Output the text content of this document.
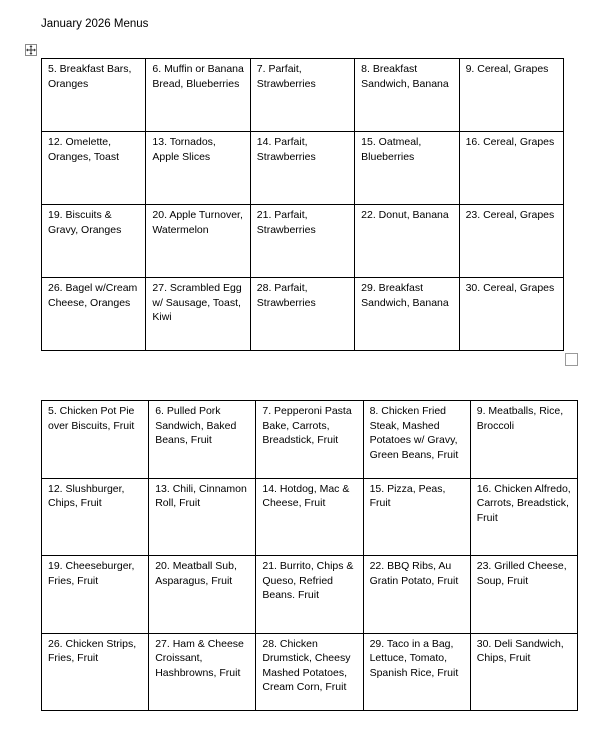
January 2026 Menus
5. Breakfast Bars, Oranges	6. Muffin or Banana Bread, Blueberries	7. Parfait, Strawberries	8. Breakfast Sandwich, Banana	9. Cereal, Grapes
12. Omelette, Oranges, Toast	13. Tornados, Apple Slices	14. Parfait, Strawberries	15. Oatmeal, Blueberries	16. Cereal, Grapes
19. Biscuits & Gravy, Oranges	20. Apple Turnover, Watermelon	21. Parfait, Strawberries	22. Donut, Banana	23. Cereal, Grapes
26. Bagel w/Cream Cheese, Oranges	27. Scrambled Egg w/ Sausage, Toast, Kiwi	28. Parfait, Strawberries	29. Breakfast Sandwich, Banana	30. Cereal, Grapes
5. Chicken Pot Pie over Biscuits, Fruit	6. Pulled Pork Sandwich, Baked Beans, Fruit	7. Pepperoni Pasta Bake, Carrots, Breadstick, Fruit	8. Chicken Fried Steak, Mashed Potatoes w/ Gravy, Green Beans, Fruit	9. Meatballs, Rice, Broccoli
12. Slushburger, Chips, Fruit	13. Chili, Cinnamon Roll, Fruit	14. Hotdog, Mac & Cheese, Fruit	15. Pizza, Peas, Fruit	16. Chicken Alfredo, Carrots, Breadstick, Fruit
19. Cheeseburger, Fries, Fruit	20. Meatball Sub, Asparagus, Fruit	21. Burrito, Chips & Queso, Refried Beans. Fruit	22. BBQ Ribs, Au Gratin Potato, Fruit	23. Grilled Cheese, Soup, Fruit
26. Chicken Strips, Fries, Fruit	27. Ham & Cheese Croissant, Hashbrowns, Fruit	28. Chicken Drumstick, Cheesy Mashed Potatoes, Cream Corn, Fruit	29. Taco in a Bag, Lettuce, Tomato, Spanish Rice, Fruit	30. Deli Sandwich, Chips, Fruit
